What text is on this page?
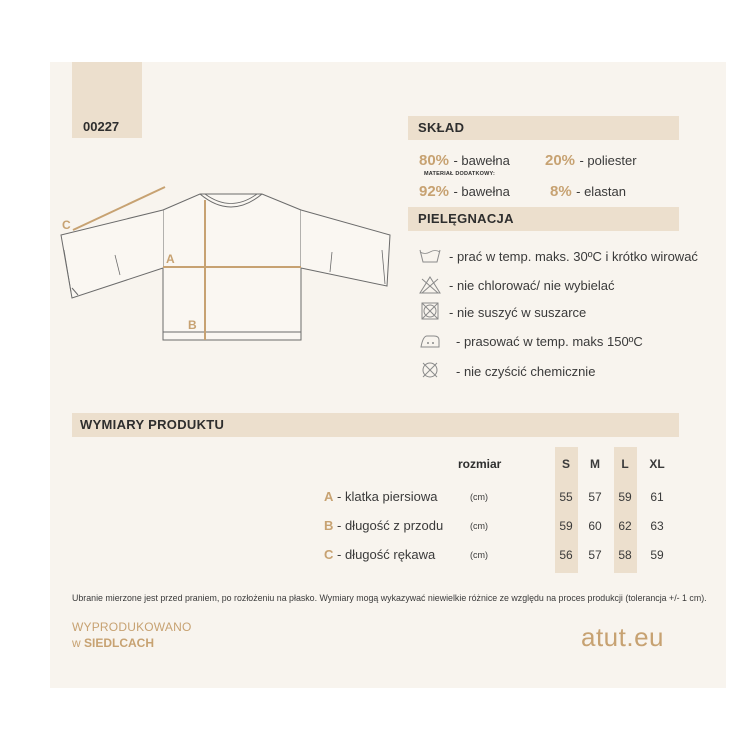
00227
A
B
C
SKŁAD
80% - bawełna 20% - poliester
MATERIAŁ DODATKOWY:
92% - bawełna	8% - elastan
PIELĘGNACJA
- prać w temp. maks. 30ºC i krótko wirować
- nie chlorować/ nie wybielać
- nie suszyć w suszarce
- prasować w temp. maks 150ºC
- nie czyścić chemicznie
WYMIARY PRODUKTU
rozmiar	S	M	L	XL
A - klatka piersiowa	(cm)	55	57	59	61
B - długość z przodu	(cm)	59	60	62	63
C - długość rękawa	(cm)	56	57	58	59
Ubranie mierzone jest przed praniem, po rozłożeniu na płasko. Wymiary mogą wykazywać niewielkie różnice ze względu na proces produkcji (tolerancja +/- 1 cm).
WYPRODUKOWANO
w SIEDLCACH	atut.eu
